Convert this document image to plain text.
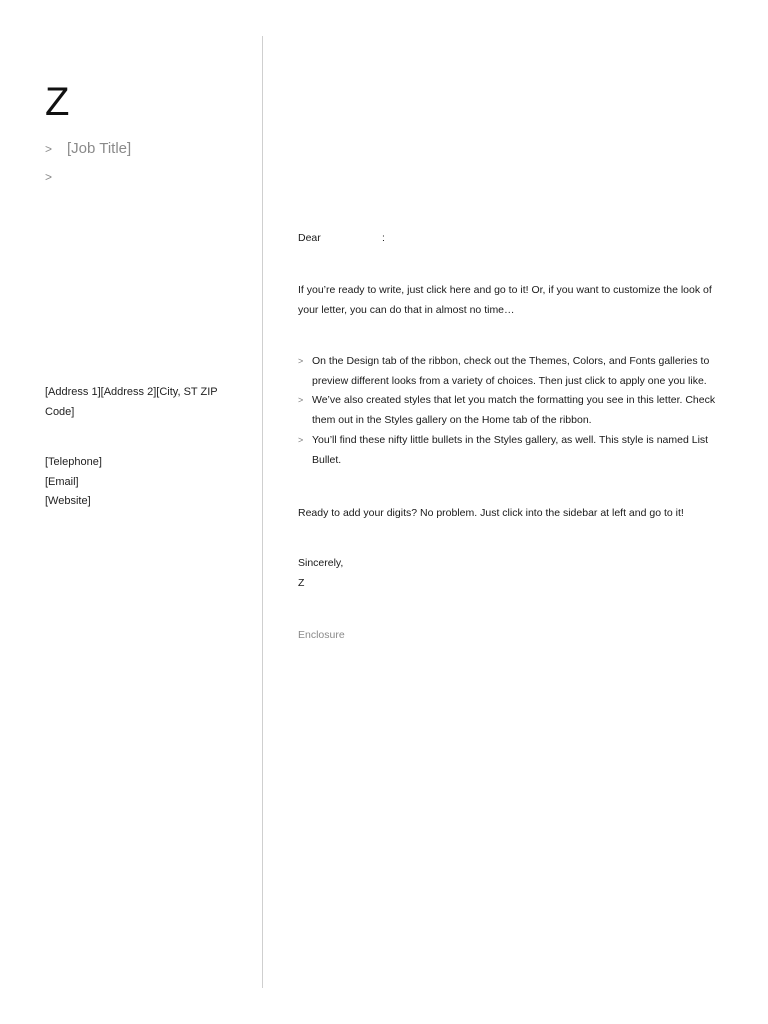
Z
> [Job Title]
>
[Address 1][Address 2][City, ST ZIP Code]
[Telephone]
[Email]
[Website]

Dear	:

If you’re ready to write, just click here and go to it! Or, if you want to customize the look of your letter, you can do that in almost no time…

> On the Design tab of the ribbon, check out the Themes, Colors, and Fonts galleries to preview different looks from a variety of choices. Then just click to apply one you like.
> We’ve also created styles that let you match the formatting you see in this letter. Check them out in the Styles gallery on the Home tab of the ribbon.
> You’ll find these nifty little bullets in the Styles gallery, as well. This style is named List Bullet.

Ready to add your digits? No problem. Just click into the sidebar at left and go to it!

Sincerely,

Z

Enclosure
